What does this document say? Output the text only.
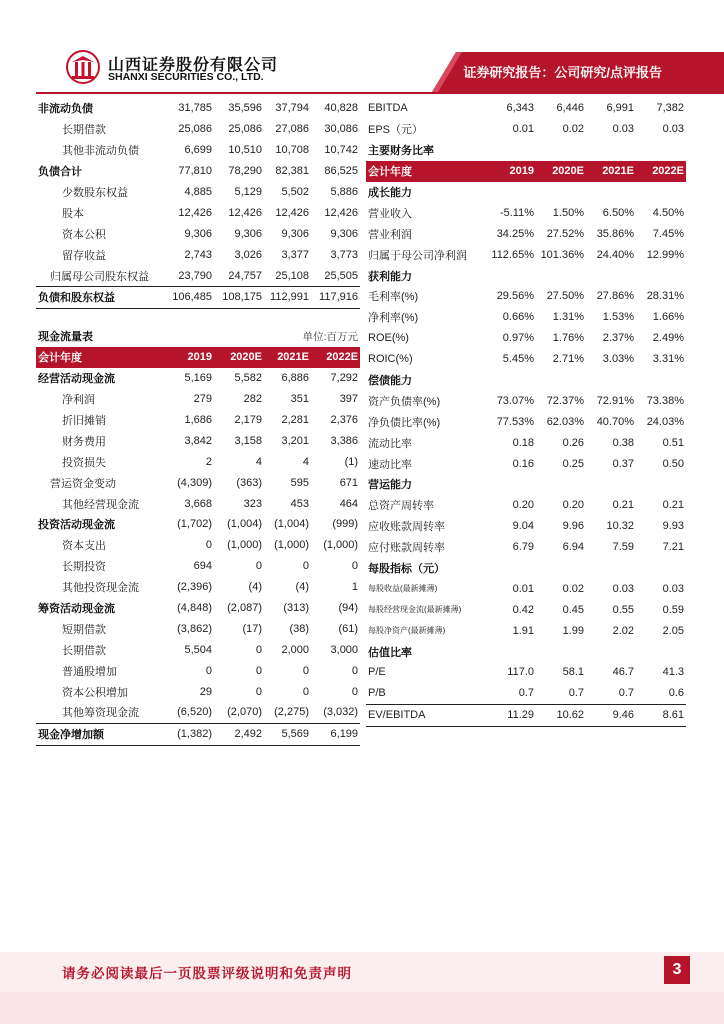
山西证券股份有限公司
SHANXI SECURITIES CO., LTD.	证券研究报告：公司研究/点评报告
非流动负债	31,785	35,596	37,794	40,828
长期借款	25,086	25,086	27,086	30,086
其他非流动负债	6,699	10,510	10,708	10,742
负债合计	77,810	78,290	82,381	86,525
少数股东权益	4,885	5,129	5,502	5,886
股本	12,426	12,426	12,426	12,426
资本公积	9,306	9,306	9,306	9,306
留存收益	2,743	3,026	3,377	3,773
归属母公司股东权益	23,790	24,757	25,108	25,505
负债和股东权益	106,485	108,175	112,991	117,916
现金流量表	单位:百万元			
会计年度	2019	2020E	2021E	2022E
经营活动现金流	5,169	5,582	6,886	7,292
净利润	279	282	351	397
折旧摊销	1,686	2,179	2,281	2,376
财务费用	3,842	3,158	3,201	3,386
投资损失	2	4	4	(1)
营运资金变动	(4,309)	(363)	595	671
其他经营现金流	3,668	323	453	464
投资活动现金流	(1,702)	(1,004)	(1,004)	(999)
资本支出	0	(1,000)	(1,000)	(1,000)
长期投资	694	0	0	0
其他投资现金流	(2,396)	(4)	(4)	1
筹资活动现金流	(4,848)	(2,087)	(313)	(94)
短期借款	(3,862)	(17)	(38)	(61)
长期借款	5,504	0	2,000	3,000
普通股增加	0	0	0	0
资本公积增加	29	0	0	0
其他筹资现金流	(6,520)	(2,070)	(2,275)	(3,032)
现金净增加额	(1,382)	2,492	5,569	6,199
EBITDA	6,343	6,446	6,991	7,382
EPS（元）	0.01	0.02	0.03	0.03
主要财务比率				
会计年度	2019	2020E	2021E	2022E
成长能力				
营业收入	-5.11%	1.50%	6.50%	4.50%
营业利润	34.25%	27.52%	35.86%	7.45%
归属于母公司净利润	112.65%	101.36%	24.40%	12.99%
获利能力				
毛利率(%)	29.56%	27.50%	27.86%	28.31%
净利率(%)	0.66%	1.31%	1.53%	1.66%
ROE(%)	0.97%	1.76%	2.37%	2.49%
ROIC(%)	5.45%	2.71%	3.03%	3.31%
偿债能力				
资产负债率(%)	73.07%	72.37%	72.91%	73.38%
净负债比率(%)	77.53%	62.03%	40.70%	24.03%
流动比率	0.18	0.26	0.38	0.51
速动比率	0.16	0.25	0.37	0.50
营运能力				
总资产周转率	0.20	0.20	0.21	0.21
应收账款周转率	9.04	9.96	10.32	9.93
应付账款周转率	6.79	6.94	7.59	7.21
每股指标（元）				
每股收益(最新摊薄)	0.01	0.02	0.03	0.03
每股经营现金流(最新摊薄)	0.42	0.45	0.55	0.59
每股净资产(最新摊薄)	1.91	1.99	2.02	2.05
估值比率				
P/E	117.0	58.1	46.7	41.3
P/B	0.7	0.7	0.7	0.6
EV/EBITDA	11.29	10.62	9.46	8.61
请务必阅读最后一页股票评级说明和免责声明	3
